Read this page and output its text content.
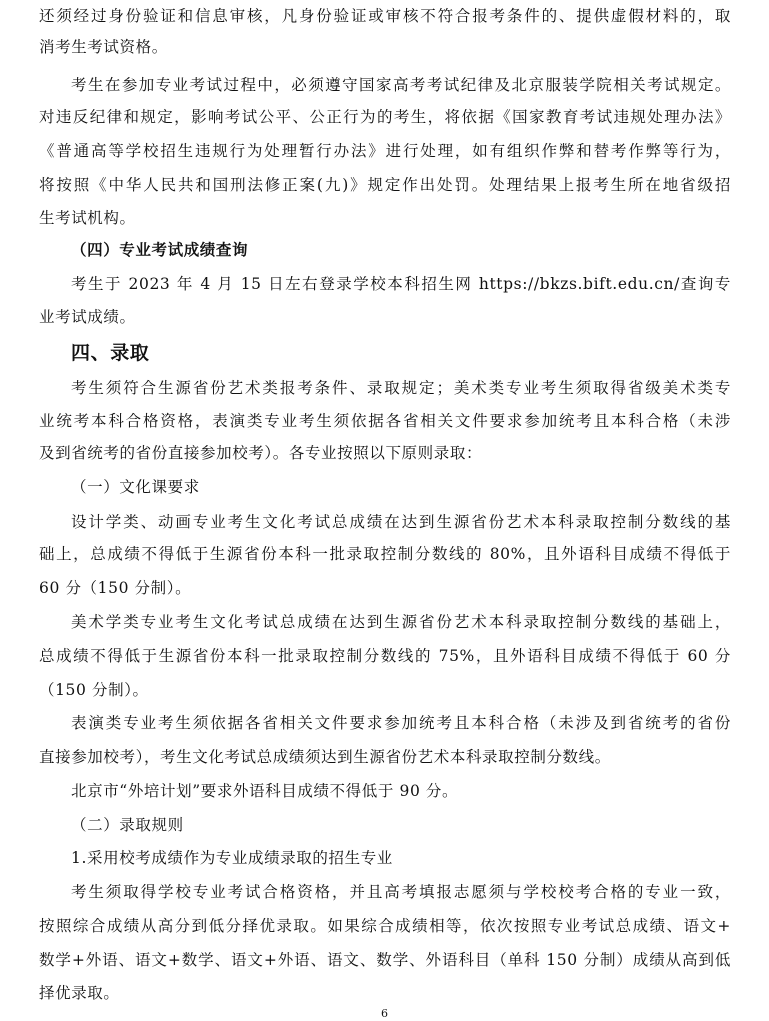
还须经过身份验证和信息审核，凡身份验证或审核不符合报考条件的、提供虚假材料的，取
消考生考试资格。
考生在参加专业考试过程中，必须遵守国家高考考试纪律及北京服装学院相关考试规定。
对违反纪律和规定，影响考试公平、公正行为的考生，将依据《国家教育考试违规处理办法》
《普通高等学校招生违规行为处理暂行办法》进行处理，如有组织作弊和替考作弊等行为，
将按照《中华人民共和国刑法修正案(九)》规定作出处罚。处理结果上报考生所在地省级招
生考试机构。
（四）专业考试成绩查询
考生于 2023 年 4 月 15 日左右登录学校本科招生网 https://bkzs.bift.edu.cn/查询专
业考试成绩。
四、录取
考生须符合生源省份艺术类报考条件、录取规定；美术类专业考生须取得省级美术类专
业统考本科合格资格，表演类专业考生须依据各省相关文件要求参加统考且本科合格（未涉
及到省统考的省份直接参加校考）。各专业按照以下原则录取：
（一）文化课要求
设计学类、动画专业考生文化考试总成绩在达到生源省份艺术本科录取控制分数线的基
础上，总成绩不得低于生源省份本科一批录取控制分数线的 80%，且外语科目成绩不得低于
60 分（150 分制）。
美术学类专业考生文化考试总成绩在达到生源省份艺术本科录取控制分数线的基础上，
总成绩不得低于生源省份本科一批录取控制分数线的 75%，且外语科目成绩不得低于 60 分
（150 分制）。
表演类专业考生须依据各省相关文件要求参加统考且本科合格（未涉及到省统考的省份
直接参加校考），考生文化考试总成绩须达到生源省份艺术本科录取控制分数线。
北京市“外培计划”要求外语科目成绩不得低于 90 分。
（二）录取规则
1.采用校考成绩作为专业成绩录取的招生专业
考生须取得学校专业考试合格资格，并且高考填报志愿须与学校校考合格的专业一致，
按照综合成绩从高分到低分择优录取。如果综合成绩相等，依次按照专业考试总成绩、语文+
数学+外语、语文+数学、语文+外语、语文、数学、外语科目（单科 150 分制）成绩从高到低
择优录取。
6
